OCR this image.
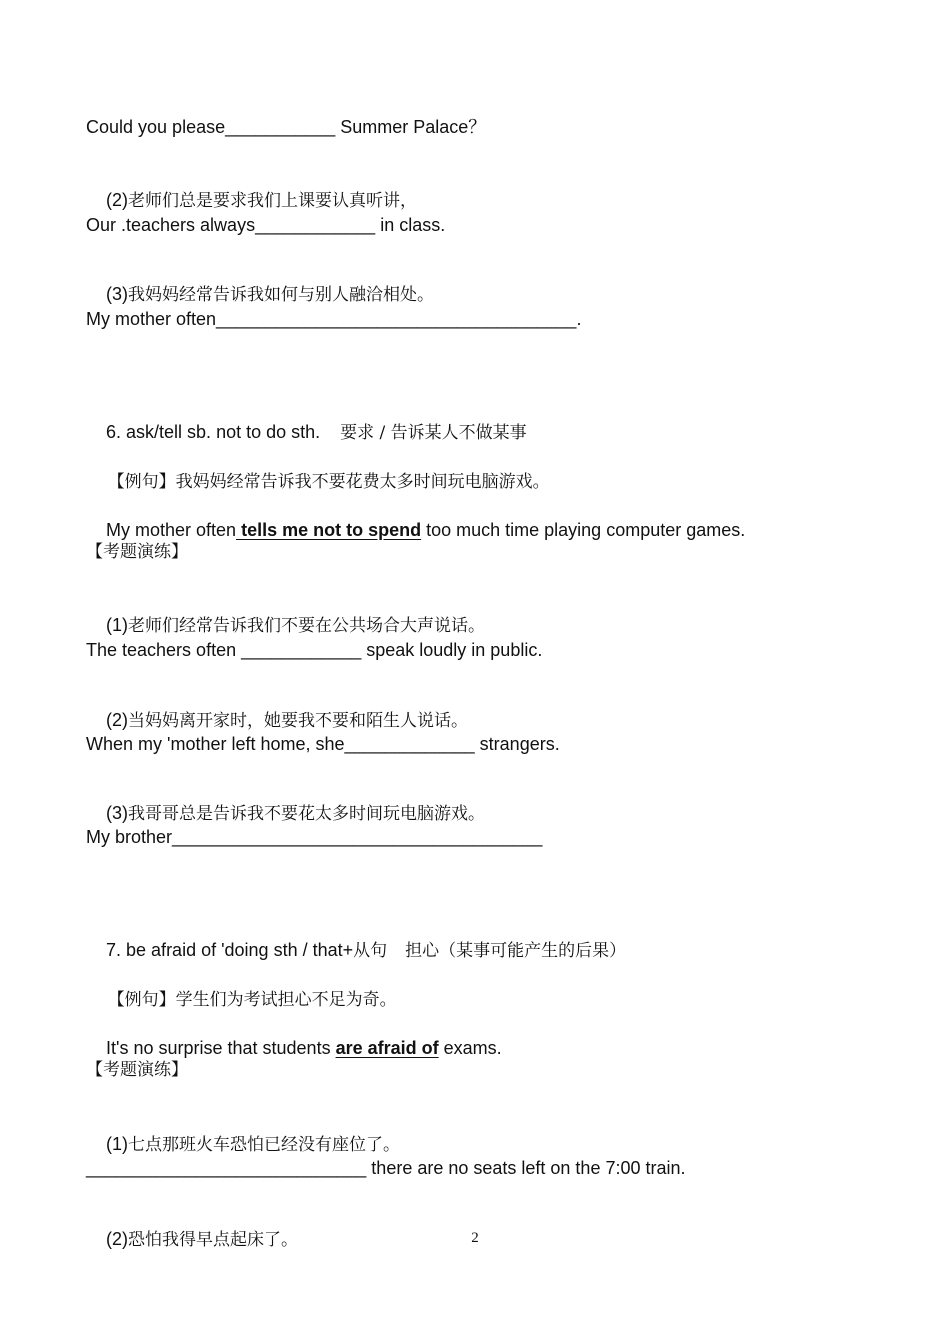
Could you please___________ Summer Palace？

(2)老师们总是要求我们上课要认真听讲，

Our .teachers always____________ in class.

(3)我妈妈经常告诉我如何与别人融洽相处。

My mother often____________________________________.

6. ask/tell sb. not to do sth. 要求 / 告诉某人不做某事

【例句】我妈妈经常告诉我不要花费太多时间玩电脑游戏。

My mother often tells me not to spend too much time playing computer games.

【考题演练】

(1)老师们经常告诉我们不要在公共场合大声说话。

The teachers often ____________ speak loudly in public.

(2)当妈妈离开家时，她要我不要和陌生人说话。

When my 'mother left home, she_____________ strangers.

(3)我哥哥总是告诉我不要花太多时间玩电脑游戏。

My brother_____________________________________

7. be afraid of 'doing sth / that+从句 担心（某事可能产生的后果）

【例句】学生们为考试担心不足为奇。

It's no surprise that students are afraid of exams.

【考题演练】

(1)七点那班火车恐怕已经没有座位了。

____________________________ there are no seats left on the 7:00 train.

(2)恐怕我得早点起床了。
	2
